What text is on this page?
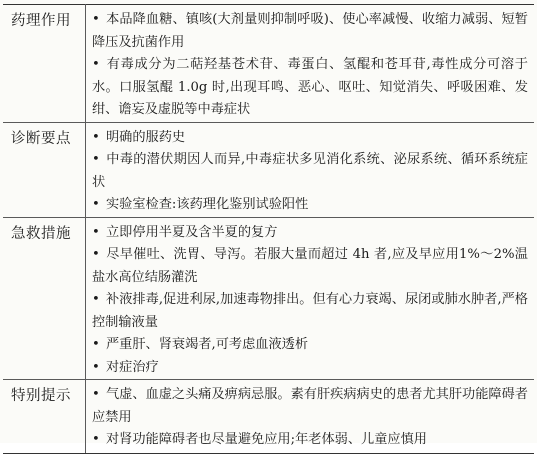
药理作用	• 本品降血糖、镇咳(大剂量则抑制呼吸)、使心率减慢、收缩力减弱、短暂降压及抗菌作用
• 有毒成分为二萜羟基苍术苷、毒蛋白、氢醌和苍耳苷,毒性成分可溶于水。口服氢醌 1.0g 时,出现耳鸣、恶心、呕吐、知觉消失、呼吸困难、发绀、谵妄及虚脱等中毒症状

诊断要点	• 明确的服药史
• 中毒的潜伏期因人而异,中毒症状多见消化系统、泌尿系统、循环系统症状
• 实验室检查:该药理化鉴别试验阳性

急救措施	• 立即停用半夏及含半夏的复方
• 尽早催吐、洗胃、导泻。若服大量而超过 4h 者,应及早应用1%～2%温盐水高位结肠灌洗
• 补液排毒,促进利尿,加速毒物排出。但有心力衰竭、尿闭或肺水肿者,严格控制输液量
• 严重肝、肾衰竭者,可考虑血液透析
• 对症治疗

特别提示	• 气虚、血虚之头痛及痹病忌服。素有肝疾病病史的患者尤其肝功能障碍者应禁用
• 对肾功能障碍者也尽量避免应用;年老体弱、儿童应慎用
